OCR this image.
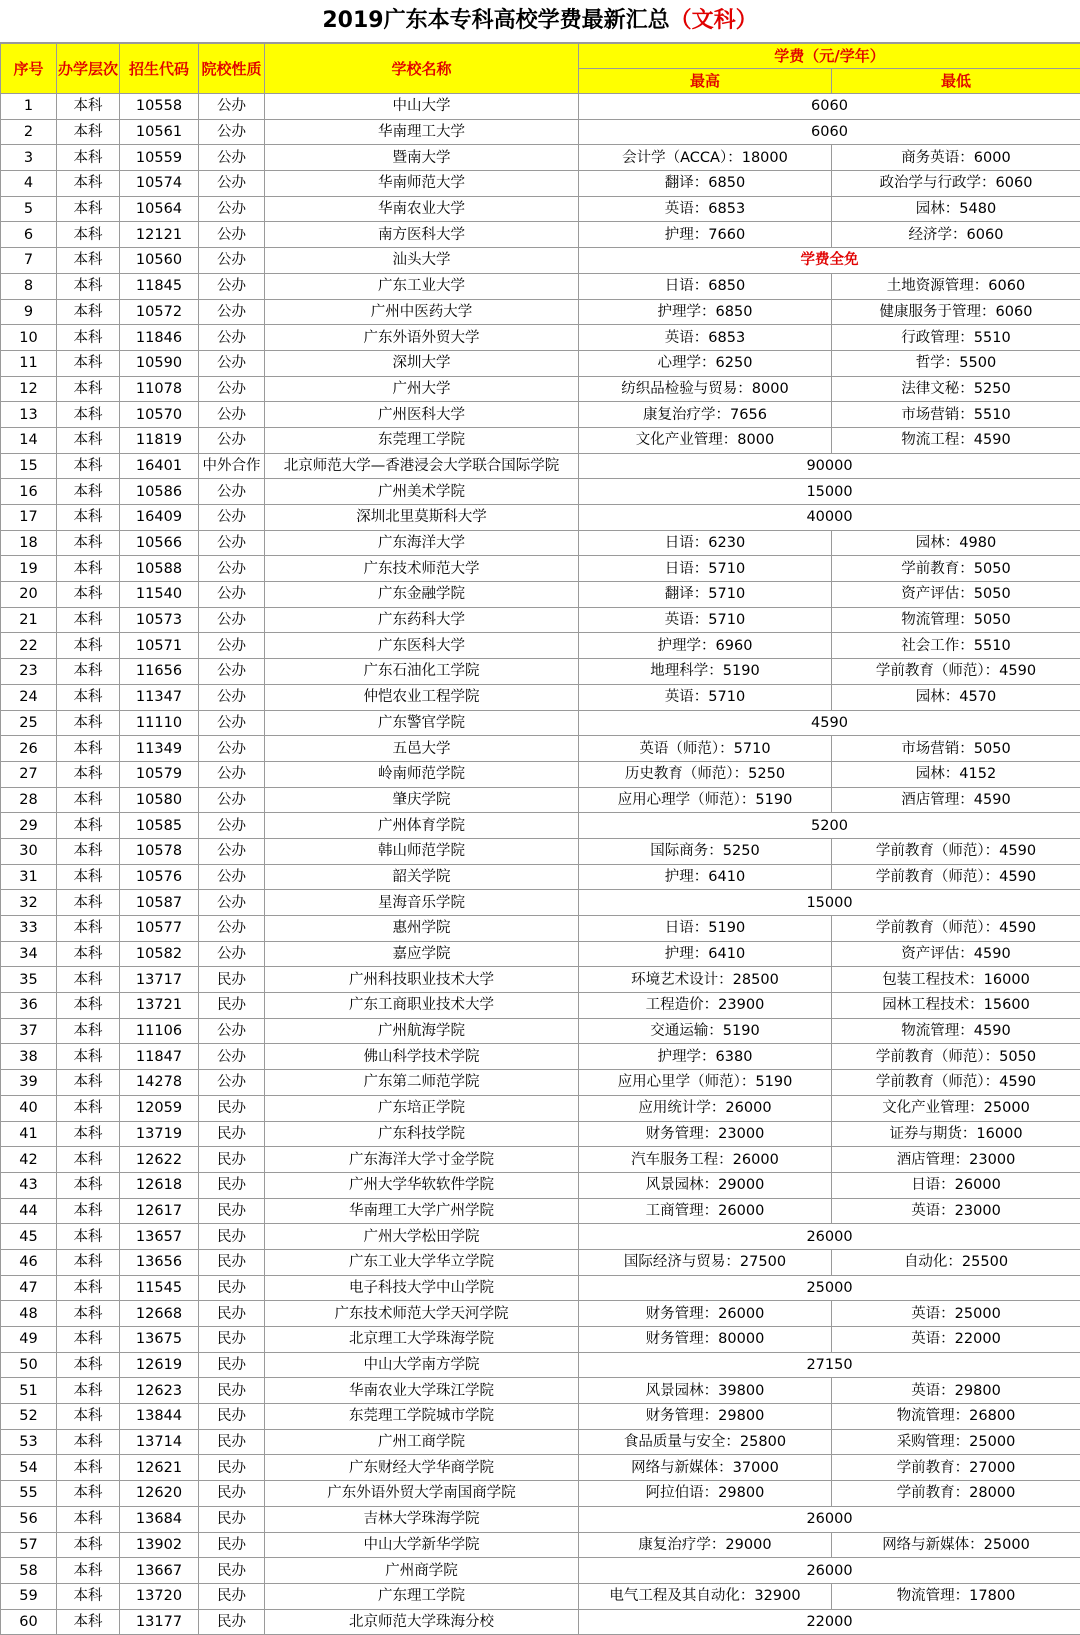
2019广东本专科高校学费最新汇总（文科）
序号	办学层次	招生代码	院校性质	学校名称	学费（元/学年）	
					最高	最低
1	本科	10558	公办	中山大学	6060	
2	本科	10561	公办	华南理工大学	6060	
3	本科	10559	公办	暨南大学	会计学（ACCA）：18000	商务英语：6000
4	本科	10574	公办	华南师范大学	翻译：6850	政治学与行政学：6060
5	本科	10564	公办	华南农业大学	英语：6853	园林：5480
6	本科	12121	公办	南方医科大学	护理：7660	经济学：6060
7	本科	10560	公办	汕头大学	学费全免	
8	本科	11845	公办	广东工业大学	日语：6850	土地资源管理：6060
9	本科	10572	公办	广州中医药大学	护理学：6850	健康服务于管理：6060
10	本科	11846	公办	广东外语外贸大学	英语：6853	行政管理：5510
11	本科	10590	公办	深圳大学	心理学：6250	哲学：5500
12	本科	11078	公办	广州大学	纺织品检验与贸易：8000	法律文秘：5250
13	本科	10570	公办	广州医科大学	康复治疗学：7656	市场营销：5510
14	本科	11819	公办	东莞理工学院	文化产业管理：8000	物流工程：4590
15	本科	16401	中外合作	北京师范大学—香港浸会大学联合国际学院	90000	
16	本科	10586	公办	广州美术学院	15000	
17	本科	16409	公办	深圳北里莫斯科大学	40000	
18	本科	10566	公办	广东海洋大学	日语：6230	园林：4980
19	本科	10588	公办	广东技术师范大学	日语：5710	学前教育：5050
20	本科	11540	公办	广东金融学院	翻译：5710	资产评估：5050
21	本科	10573	公办	广东药科大学	英语：5710	物流管理：5050
22	本科	10571	公办	广东医科大学	护理学：6960	社会工作：5510
23	本科	11656	公办	广东石油化工学院	地理科学：5190	学前教育（师范）：4590
24	本科	11347	公办	仲恺农业工程学院	英语：5710	园林：4570
25	本科	11110	公办	广东警官学院	4590	
26	本科	11349	公办	五邑大学	英语（师范）：5710	市场营销：5050
27	本科	10579	公办	岭南师范学院	历史教育（师范）：5250	园林：4152
28	本科	10580	公办	肇庆学院	应用心理学（师范）：5190	酒店管理：4590
29	本科	10585	公办	广州体育学院	5200	
30	本科	10578	公办	韩山师范学院	国际商务：5250	学前教育（师范）：4590
31	本科	10576	公办	韶关学院	护理：6410	学前教育（师范）：4590
32	本科	10587	公办	星海音乐学院	15000	
33	本科	10577	公办	惠州学院	日语：5190	学前教育（师范）：4590
34	本科	10582	公办	嘉应学院	护理：6410	资产评估：4590
35	本科	13717	民办	广州科技职业技术大学	环境艺术设计：28500	包装工程技术：16000
36	本科	13721	民办	广东工商职业技术大学	工程造价：23900	园林工程技术：15600
37	本科	11106	公办	广州航海学院	交通运输：5190	物流管理：4590
38	本科	11847	公办	佛山科学技术学院	护理学：6380	学前教育（师范）：5050
39	本科	14278	公办	广东第二师范学院	应用心里学（师范）：5190	学前教育（师范）：4590
40	本科	12059	民办	广东培正学院	应用统计学：26000	文化产业管理：25000
41	本科	13719	民办	广东科技学院	财务管理：23000	证券与期货：16000
42	本科	12622	民办	广东海洋大学寸金学院	汽车服务工程：26000	酒店管理：23000
43	本科	12618	民办	广州大学华软软件学院	风景园林：29000	日语：26000
44	本科	12617	民办	华南理工大学广州学院	工商管理：26000	英语：23000
45	本科	13657	民办	广州大学松田学院	26000	
46	本科	13656	民办	广东工业大学华立学院	国际经济与贸易：27500	自动化：25500
47	本科	11545	民办	电子科技大学中山学院	25000	
48	本科	12668	民办	广东技术师范大学天河学院	财务管理：26000	英语：25000
49	本科	13675	民办	北京理工大学珠海学院	财务管理：80000	英语：22000
50	本科	12619	民办	中山大学南方学院	27150	
51	本科	12623	民办	华南农业大学珠江学院	风景园林：39800	英语：29800
52	本科	13844	民办	东莞理工学院城市学院	财务管理：29800	物流管理：26800
53	本科	13714	民办	广州工商学院	食品质量与安全：25800	采购管理：25000
54	本科	12621	民办	广东财经大学华商学院	网络与新媒体：37000	学前教育：27000
55	本科	12620	民办	广东外语外贸大学南国商学院	阿拉伯语：29800	学前教育：28000
56	本科	13684	民办	吉林大学珠海学院	26000	
57	本科	13902	民办	中山大学新华学院	康复治疗学：29000	网络与新媒体：25000
58	本科	13667	民办	广州商学院	26000	
59	本科	13720	民办	广东理工学院	电气工程及其自动化：32900	物流管理：17800
60	本科	13177	民办	北京师范大学珠海分校	22000	
